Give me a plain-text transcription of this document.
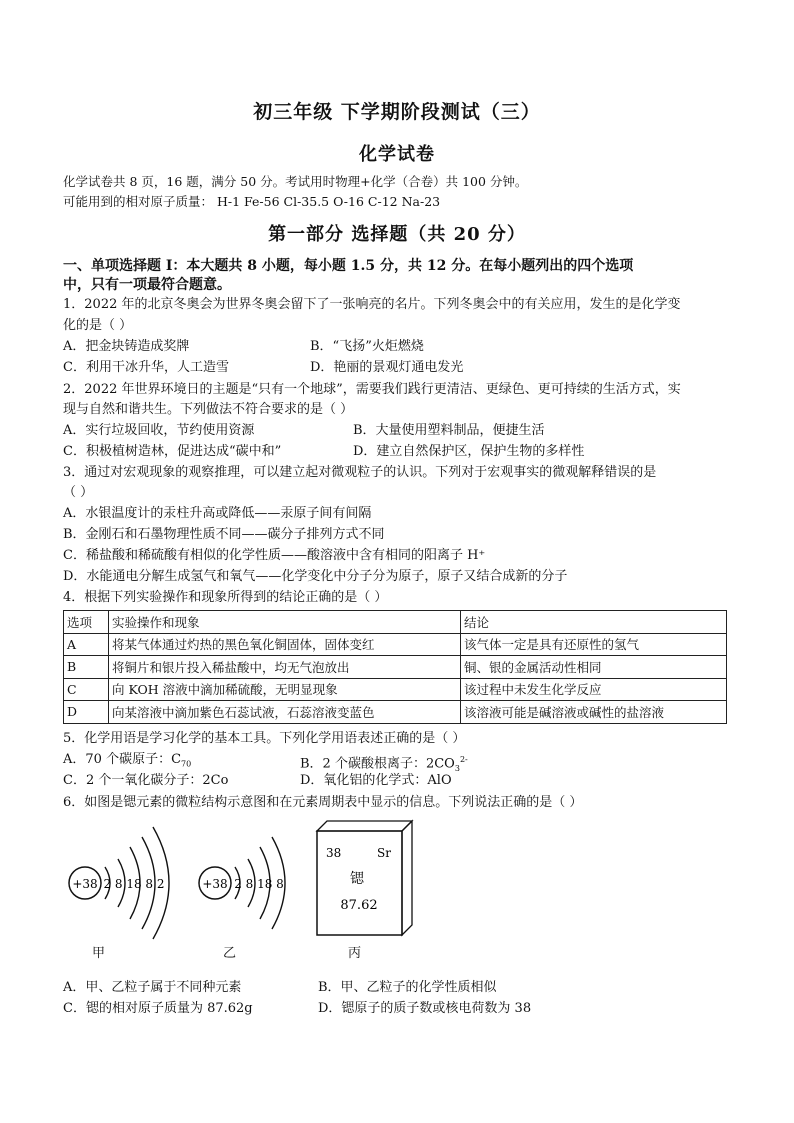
初三年级 下学期阶段测试（三）
化学试卷
化学试卷共 8 页，16 题，满分 50 分。考试用时物理+化学（合卷）共 100 分钟。
可能用到的相对原子质量： H-1 Fe-56 Cl-35.5 O-16 C-12 Na-23
第一部分 选择题（共 20 分）
一、单项选择题 I：本大题共 8 小题，每小题 1.5 分，共 12 分。在每小题列出的四个选项
中，只有一项最符合题意。
1．2022 年的北京冬奥会为世界冬奥会留下了一张响亮的名片。下列冬奥会中的有关应用，发生的是化学变
化的是（ ）
A．把金块铸造成奖牌	B．“飞扬”火炬燃烧
C．利用干冰升华，人工造雪	D．艳丽的景观灯通电发光
2．2022 年世界环境日的主题是“只有一个地球”，需要我们践行更清洁、更绿色、更可持续的生活方式，实
现与自然和谐共生。下列做法不符合要求的是（ ）
A．实行垃圾回收，节约使用资源	B．大量使用塑料制品，便捷生活
C．积极植树造林，促进达成“碳中和”	D．建立自然保护区，保护生物的多样性
3．通过对宏观现象的观察推理，可以建立起对微观粒子的认识。下列对于宏观事实的微观解释错误的是
（ ）
A．水银温度计的汞柱升高或降低——汞原子间有间隔
B．金刚石和石墨物理性质不同——碳分子排列方式不同
C．稀盐酸和稀硫酸有相似的化学性质——酸溶液中含有相同的阳离子 H⁺
D．水能通电分解生成氢气和氧气——化学变化中分子分为原子，原子又结合成新的分子
4．根据下列实验操作和现象所得到的结论正确的是（ ）
选项	实验操作和现象	结论
A	将某气体通过灼热的黑色氧化铜固体，固体变红	该气体一定是具有还原性的氢气
B	将铜片和银片投入稀盐酸中，均无气泡放出	铜、银的金属活动性相同
C	向 KOH 溶液中滴加稀硫酸，无明显现象	该过程中未发生化学反应
D	向某溶液中滴加紫色石蕊试液，石蕊溶液变蓝色	该溶液可能是碱溶液或碱性的盐溶液
5．化学用语是学习化学的基本工具。下列化学用语表述正确的是（ ）
A．70 个碳原子：$C_{70}$	B．2 个碳酸根离子：$2CO_3^{2-}$
C．2 个一氧化碳分子：2Co	D．氧化铝的化学式：AlO
6．如图是锶元素的微粒结构示意图和在元素周期表中显示的信息。下列说法正确的是（ ）
+38 2 8 18 8 2	+38 2 8 18 8
38	Sr
锶
87.62
甲	乙	丙
A．甲、乙粒子属于不同种元素	B．甲、乙粒子的化学性质相似
C．锶的相对原子质量为 87.62g	D．锶原子的质子数或核电荷数为 38
